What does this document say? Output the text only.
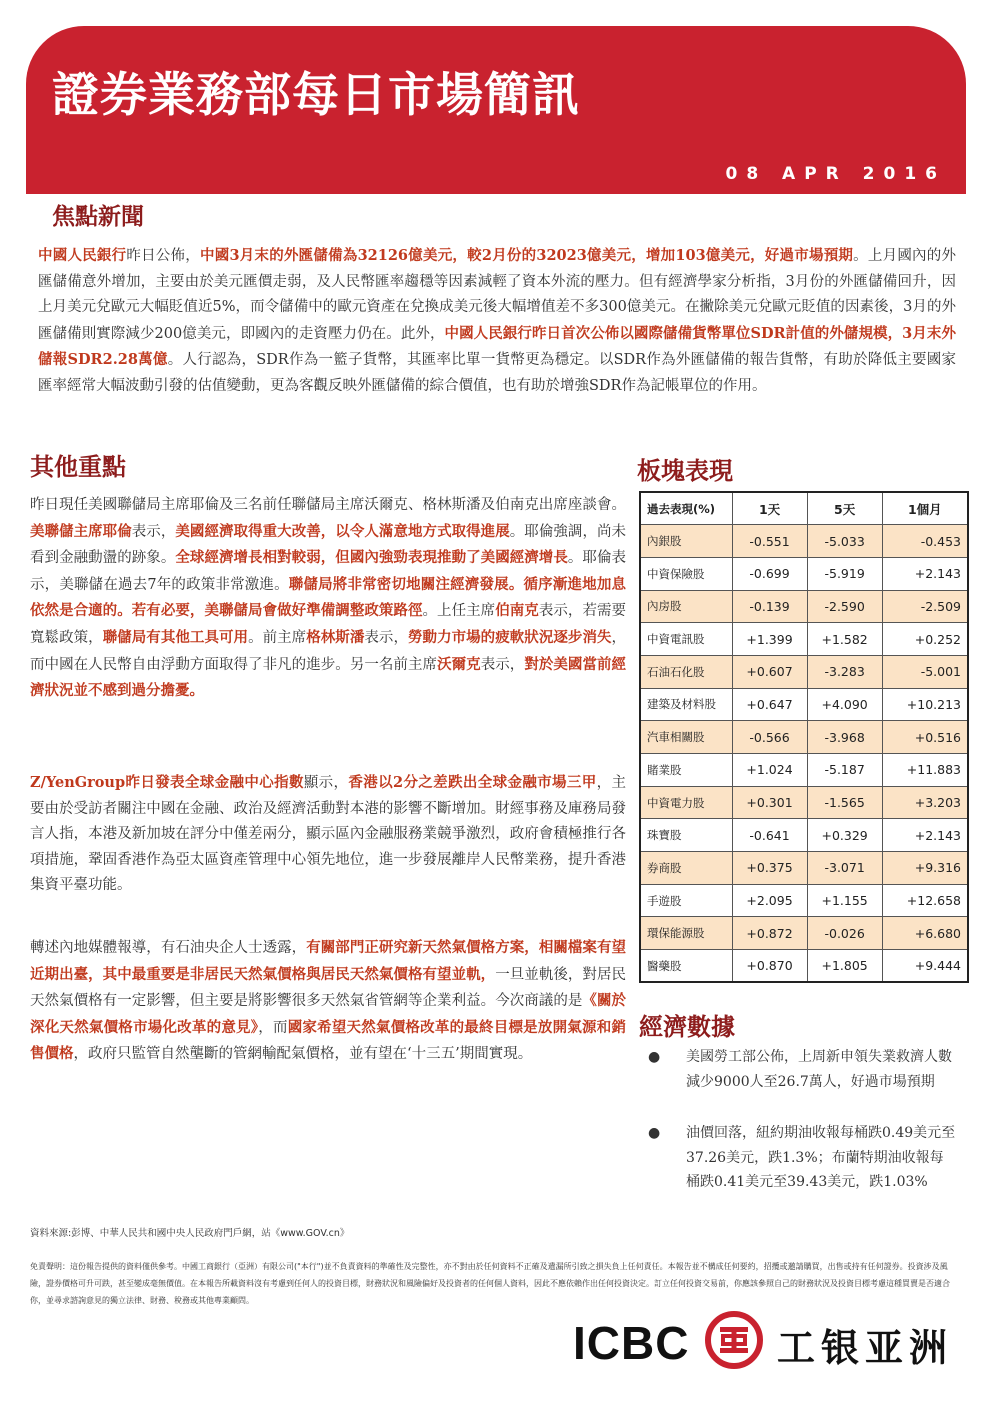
證券業務部每日市場簡訊
08 APR 2016
焦點新聞
中國人民銀行昨日公佈，中國3月末的外匯儲備為32126億美元，較2月份的32023億美元，增加103億美元，好過市場預期。上月國內的外匯儲備意外增加，主要由於美元匯價走弱，及人民幣匯率趨穩等因素減輕了資本外流的壓力。但有經濟學家分析指，3月份的外匯儲備回升，因上月美元兌歐元大幅貶值近5%，而令儲備中的歐元資產在兌換成美元後大幅增值差不多300億美元。在撇除美元兌歐元貶值的因素後，3月的外匯儲備則實際減少200億美元，即國內的走資壓力仍在。此外，中國人民銀行昨日首次公佈以國際儲備貨幣單位SDR計值的外儲規模，3月末外儲報SDR2.28萬億。人行認為，SDR作為一籃子貨幣，其匯率比單一貨幣更為穩定。以SDR作為外匯儲備的報告貨幣，有助於降低主要國家匯率經常大幅波動引發的估值變動，更為客觀反映外匯儲備的綜合價值，也有助於增強SDR作為記帳單位的作用。
其他重點
昨日現任美國聯儲局主席耶倫及三名前任聯儲局主席沃爾克、格林斯潘及伯南克出席座談會。美聯儲主席耶倫表示，美國經濟取得重大改善，以令人滿意地方式取得進展。耶倫強調，尚未看到金融動盪的跡象。全球經濟增長相對較弱，但國內強勁表現推動了美國經濟增長。耶倫表示，美聯儲在過去7年的政策非常激進。聯儲局將非常密切地關注經濟發展。循序漸進地加息依然是合適的。若有必要，美聯儲局會做好準備調整政策路徑。上任主席伯南克表示，若需要寬鬆政策，聯儲局有其他工具可用。前主席格林斯潘表示，勞動力市場的疲軟狀況逐步消失，而中國在人民幣自由浮動方面取得了非凡的進步。另一名前主席沃爾克表示，對於美國當前經濟狀況並不感到過分擔憂。
Z/YenGroup昨日發表全球金融中心指數顯示，香港以2分之差跌出全球金融市場三甲，主要由於受訪者關注中國在金融、政治及經濟活動對本港的影響不斷增加。財經事務及庫務局發言人指，本港及新加坡在評分中僅差兩分，顯示區內金融服務業競爭激烈，政府會積極推行各項措施，鞏固香港作為亞太區資產管理中心領先地位，進一步發展離岸人民幣業務，提升香港集資平臺功能。
轉述內地媒體報導，有石油央企人士透露，有關部門正研究新天然氣價格方案，相關檔案有望近期出臺，其中最重要是非居民天然氣價格與居民天然氣價格有望並軌，一旦並軌後，對居民天然氣價格有一定影響，但主要是將影響很多天然氣省管網等企業利益。今次商議的是《關於深化天然氣價格市場化改革的意見》，而國家希望天然氣價格改革的最終目標是放開氣源和銷售價格，政府只監管自然壟斷的管網輸配氣價格，並有望在‘十三五’期間實現。
板塊表現
過去表現(%)	1天	5天	1個月
內銀股	-0.551	-5.033	-0.453
中資保險股	-0.699	-5.919	+2.143
內房股	-0.139	-2.590	-2.509
中資電訊股	+1.399	+1.582	+0.252
石油石化股	+0.607	-3.283	-5.001
建築及材料股	+0.647	+4.090	+10.213
汽車相關股	-0.566	-3.968	+0.516
賭業股	+1.024	-5.187	+11.883
中資電力股	+0.301	-1.565	+3.203
珠寶股	-0.641	+0.329	+2.143
券商股	+0.375	-3.071	+9.316
手遊股	+2.095	+1.155	+12.658
環保能源股	+0.872	-0.026	+6.680
醫藥股	+0.870	+1.805	+9.444
經濟數據
● 美國勞工部公佈，上周新申領失業救濟人數減少9000人至26.7萬人，好過市場預期
● 油價回落，紐約期油收報每桶跌0.49美元至37.26美元，跌1.3%；布蘭特期油收報每桶跌0.41美元至39.43美元，跌1.03%
資料來源:彭博、中華人民共和國中央人民政府門戶網，站《www.GOV.cn》
免責聲明：這份報告提供的資料僅供參考。中國工商銀行（亞洲）有限公司("本行")並不負責資料的準確性及完整性，亦不對由於任何資料不正確及遺漏所引致之損失負上任何責任。本報告並不構成任何要約，招攬或邀請購買，出售或持有任何證券。投資涉及風險，證券價格可升可跌，甚至變成毫無價值。在本報告所載資料沒有考慮到任何人的投資目標，財務狀況和風險偏好及投資者的任何個人資料，因此不應依賴作出任何投資決定。訂立任何投資交易前，你應該參照自己的財務狀況及投資目標考慮這種買賣是否適合你，並尋求諮詢意見的獨立法律、財務、稅務或其他專業顧問。
ICBC 工银亚洲
